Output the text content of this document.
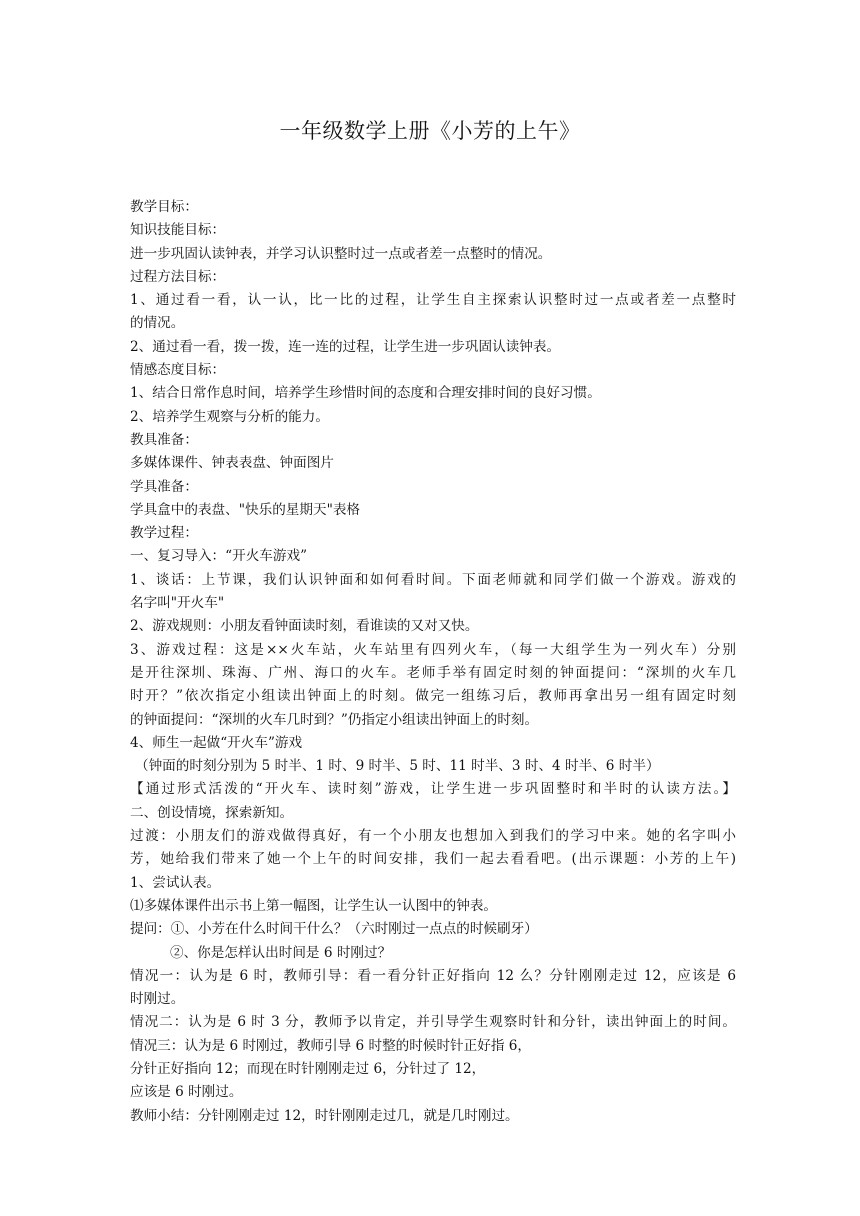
一年级数学上册《小芳的上午》
教学目标：
知识技能目标：
进一步巩固认读钟表，并学习认识整时过一点或者差一点整时的情况。
过程方法目标：
1、通过看一看，认一认，比一比的过程，让学生自主探索认识整时过一点或者差一点整时
的情况。
2、通过看一看，拨一拨，连一连的过程，让学生进一步巩固认读钟表。
情感态度目标：
1、结合日常作息时间，培养学生珍惜时间的态度和合理安排时间的良好习惯。
2、培养学生观察与分析的能力。
教具准备：
多媒体课件、钟表表盘、钟面图片
学具准备：
学具盒中的表盘、"快乐的星期天"表格
教学过程：
一、复习导入：“开火车游戏”
1、谈话：上节课，我们认识钟面和如何看时间。下面老师就和同学们做一个游戏。游戏的
名字叫"开火车"
2、游戏规则：小朋友看钟面读时刻，看谁读的又对又快。
3、游戏过程：这是××火车站，火车站里有四列火车，（每一大组学生为一列火车）分别
是开往深圳、珠海、广州、海口的火车。老师手举有固定时刻的钟面提问：“深圳的火车几
时开？”依次指定小组读出钟面上的时刻。做完一组练习后，教师再拿出另一组有固定时刻
的钟面提问：“深圳的火车几时到？”仍指定小组读出钟面上的时刻。
4、师生一起做“开火车”游戏
（钟面的时刻分别为 5 时半、1 时、9 时半、5 时、11 时半、3 时、4 时半、6 时半）
【通过形式活泼的“开火车、读时刻”游戏，让学生进一步巩固整时和半时的认读方法。】
二、创设情境，探索新知。
过渡：小朋友们的游戏做得真好，有一个小朋友也想加入到我们的学习中来。她的名字叫小
芳，她给我们带来了她一个上午的时间安排，我们一起去看看吧。(出示课题：小芳的上午)
1、尝试认表。
⑴多媒体课件出示书上第一幅图，让学生认一认图中的钟表。
提问：①、小芳在什么时间干什么？（六时刚过一点点的时候刷牙）
②、你是怎样认出时间是 6 时刚过？
情况一：认为是 6 时，教师引导：看一看分针正好指向 12 么？分针刚刚走过 12，应该是 6
时刚过。
情况二：认为是 6 时 3 分，教师予以肯定，并引导学生观察时针和分针，读出钟面上的时间。
情况三：认为是 6 时刚过，教师引导 6 时整的时候时针正好指 6，
分针正好指向 12；而现在时针刚刚走过 6，分针过了 12，
应该是 6 时刚过。
教师小结：分针刚刚走过 12，时针刚刚走过几，就是几时刚过。
